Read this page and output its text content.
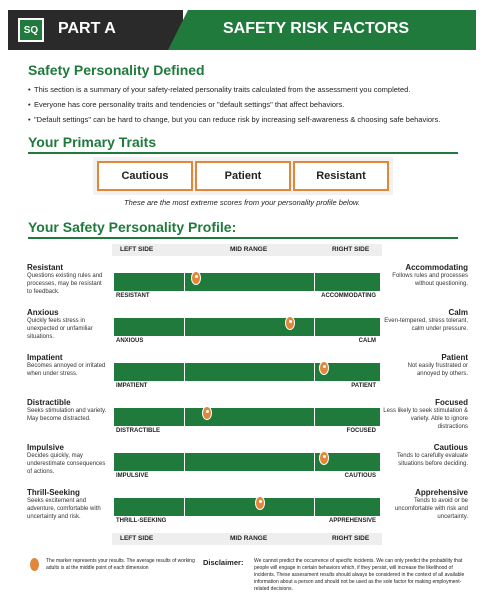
SQ	PART A	SAFETY RISK FACTORS
Safety Personality Defined
• This section is a summary of your safety-related personality traits calculated from the assessment you completed.
• Everyone has core personality traits and tendencies or "default settings" that affect behaviors.
• "Default settings" can be hard to change, but you can reduce risk by increasing self-awareness & choosing safe behaviors.
Your Primary Traits
Cautious	Patient	Resistant
These are the most extreme scores from your personality profile below.
Your Safety Personality Profile:
LEFT SIDE	MID RANGE	RIGHT SIDE
Resistant
Questions existing rules and processes, may be resistant to feedback.
Accommodating
Follows rules and processes without questioning.
RESISTANT	ACCOMMODATING
Anxious
Quickly feels stress in unexpected or unfamiliar situations.
Calm
Even-tempered, stress tolerant, calm under pressure.
ANXIOUS	CALM
Impatient
Becomes annoyed or irritated when under stress.
Patient
Not easily frustrated or annoyed by others.
IMPATIENT	PATIENT
Distractible
Seeks stimulation and variety. May become distracted.
Focused
Less likely to seek stimulation & variety. Able to ignore distractions
DISTRACTIBLE	FOCUSED
Impulsive
Decides quickly, may underestimate consequences of actions.
Cautious
Tends to carefully evaluate situations before deciding.
IMPULSIVE	CAUTIOUS
Thrill-Seeking
Seeks excitement and adventure, comfortable with uncertainty and risk.
Apprehensive
Tends to avoid or be uncomfortable with risk and uncertainty.
THRILL-SEEKING	APPREHENSIVE
LEFT SIDE	MID RANGE	RIGHT SIDE
The marker represents your results. The average results of working adults is at the middle point of each dimension
Disclaimer: We cannot predict the occurrence of specific incidents. We can only predict the probability that people will engage in certain behaviors which, if they persist, will increase the likelihood of incidents. These assessment results should always be considered in the context of all available information about a person and should not be used as the sole factor for making employment-related decisions.
